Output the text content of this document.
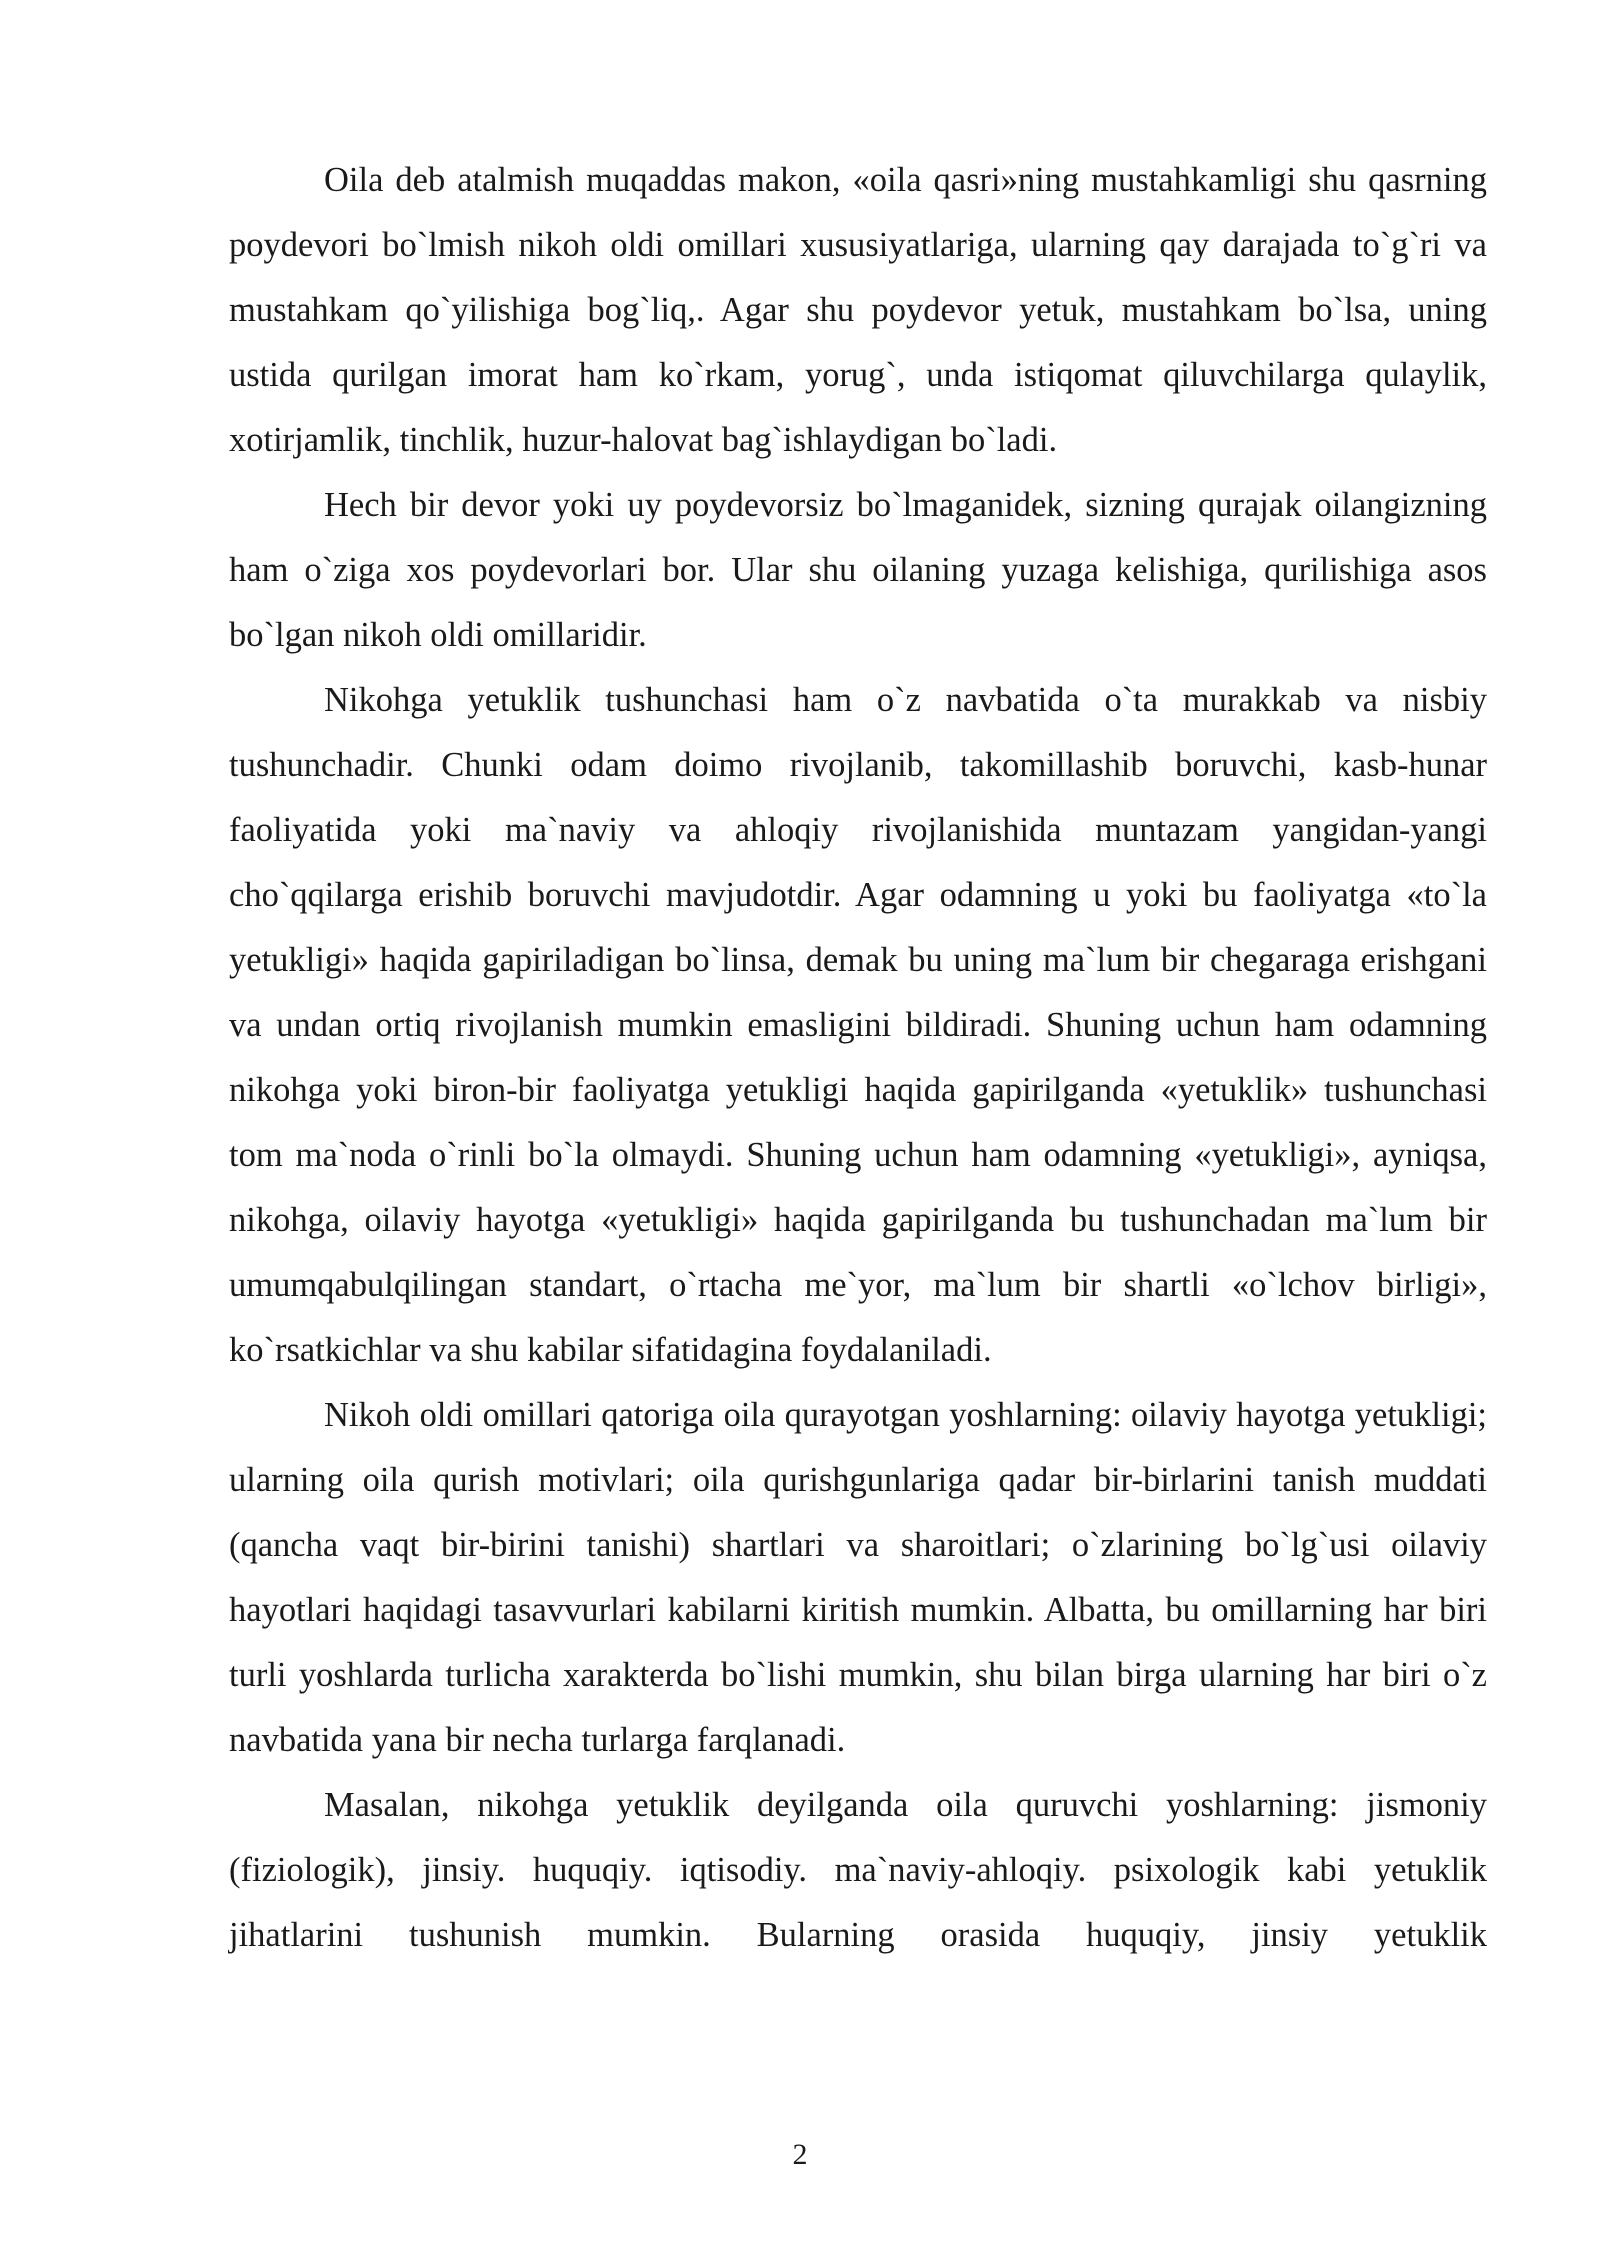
Oila deb atalmish muqaddas makon, «oila qasri»ning mustahkamligi shu qasrning poydevori bo`lmish nikoh oldi omillari xususiyatlariga, ularning qay darajada to`g`ri va mustahkam qo`yilishiga bog`liq,. Agar shu poydevor yetuk, mustahkam bo`lsa, uning ustida qurilgan imorat ham ko`rkam, yorug`, unda istiqomat qiluvchilarga qulaylik, xotirjamlik, tinchlik, huzur-halovat bag`ishlaydigan bo`ladi.

Hech bir devor yoki uy poydevorsiz bo`lmaganidek, sizning qurajak oilangizning ham o`ziga xos poydevorlari bor. Ular shu oilaning yuzaga kelishiga, qurilishiga asos bo`lgan nikoh oldi omillaridir.

Nikohga yetuklik tushunchasi ham o`z navbatida o`ta murakkab va nisbiy tushunchadir. Chunki odam doimo rivojlanib, takomillashib boruvchi, kasb-hunar faoliyatida yoki ma`naviy va ahloqiy rivojlanishida muntazam yangidan-yangi cho`qqilarga erishib boruvchi mavjudotdir. Agar odamning u yoki bu faoliyatga «to`la yetukligi» haqida gapiriladigan bo`linsa, demak bu uning ma`lum bir chegaraga erishgani va undan ortiq rivojlanish mumkin emasligini bildiradi. Shuning uchun ham odamning nikohga yoki biron-bir faoliyatga yetukligi haqida gapirilganda «yetuklik» tushunchasi tom ma`noda o`rinli bo`la olmaydi. Shuning uchun ham odamning «yetukligi», ayniqsa, nikohga, oilaviy hayotga «yetukligi» haqida gapirilganda bu tushunchadan ma`lum bir umumqabulqilingan standart, o`rtacha me`yor, ma`lum bir shartli «o`lchov birligi», ko`rsatkichlar va shu kabilar sifatidagina foydalaniladi.

Nikoh oldi omillari qatoriga oila qurayotgan yoshlarning: oilaviy hayotga yetukligi; ularning oila qurish motivlari; oila qurishgunlariga qadar bir-birlarini tanish muddati (qancha vaqt bir-birini tanishi) shartlari va sharoitlari; o`zlarining bo`lg`usi oilaviy hayotlari haqidagi tasavvurlari kabilarni kiritish mumkin. Albatta, bu omillarning har biri turli yoshlarda turlicha xarakterda bo`lishi mumkin, shu bilan birga ularning har biri o`z navbatida yana bir necha turlarga farqlanadi.

Masalan, nikohga yetuklik deyilganda oila quruvchi yoshlarning: jismoniy (fiziologik), jinsiy. huquqiy. iqtisodiy. ma`naviy-ahloqiy. psixologik kabi yetuklik jihatlarini tushunish mumkin. Bularning orasida huquqiy, jinsiy yetuklik

2
